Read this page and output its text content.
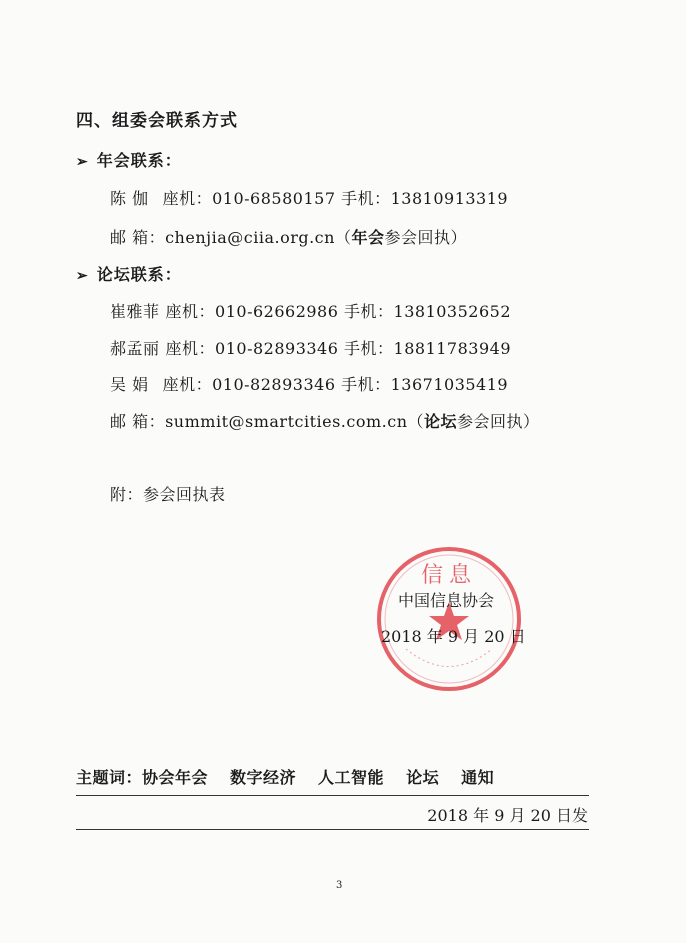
四、组委会联系方式
➢ 年会联系：
陈 伽 座机：010-68580157 手机：13810913319
邮 箱：chenjia@ciia.org.cn（年会参会回执）
➢ 论坛联系：
崔雅菲 座机：010-62662986 手机：13810352652
郝孟丽 座机：010-82893346 手机：18811783949
吴 娟 座机：010-82893346 手机：13671035419
邮 箱：summit@smartcities.com.cn（论坛参会回执）
附：参会回执表
信息
中国信息协会
2018 年 9 月 20 日
主题词：协会年会 数字经济 人工智能 论坛 通知
2018 年 9 月 20 日发
3
